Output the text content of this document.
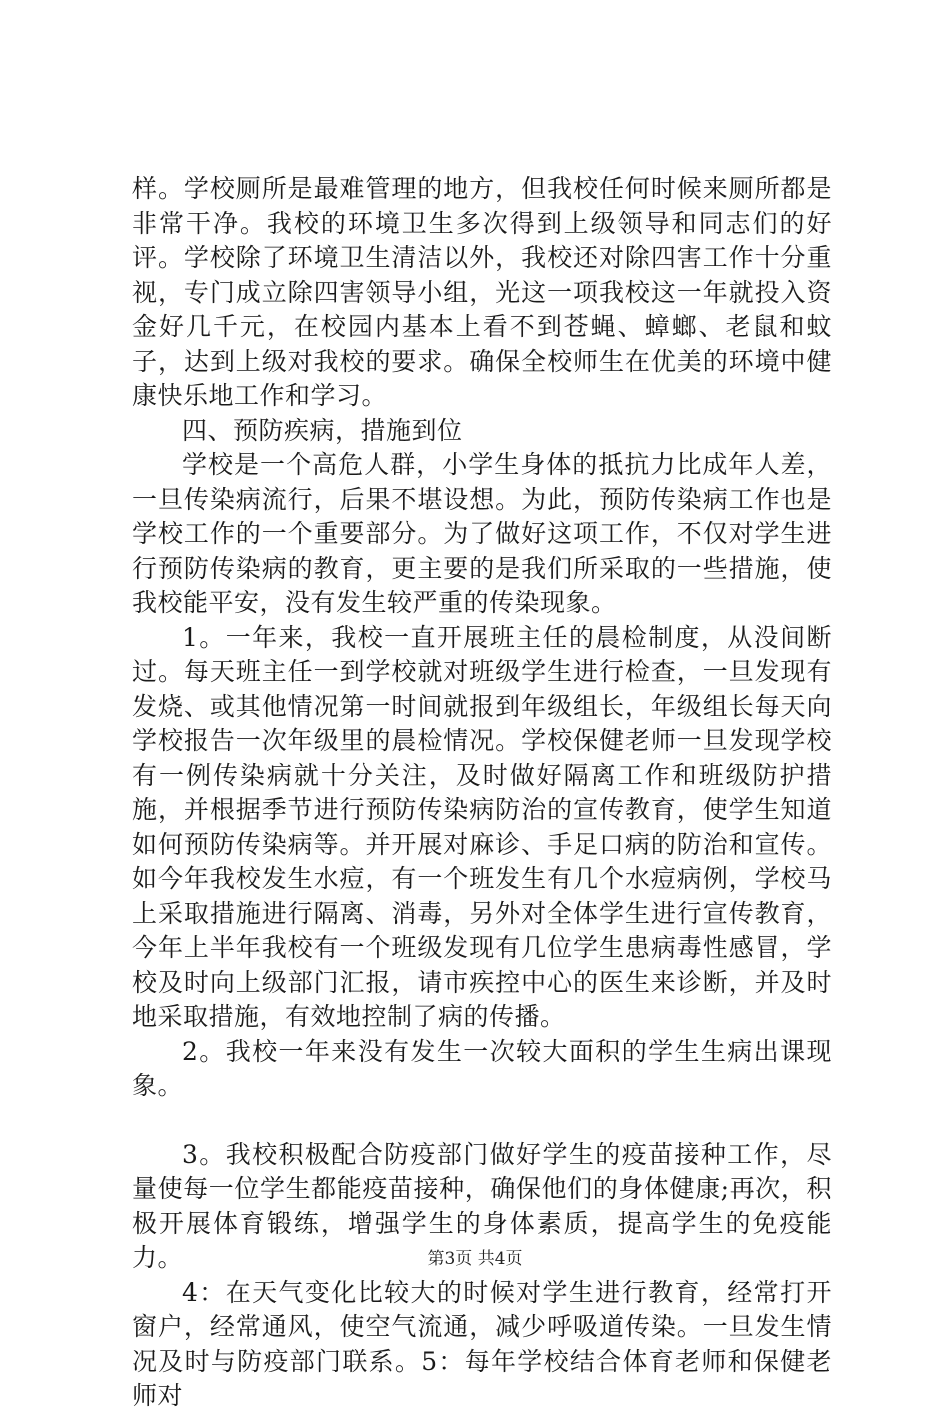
样。学校厕所是最难管理的地方，但我校任何时候来厕所都是非常干净。我校的环境卫生多次得到上级领导和同志们的好评。学校除了环境卫生清洁以外，我校还对除四害工作十分重视，专门成立除四害领导小组，光这一项我校这一年就投入资金好几千元，在校园内基本上看不到苍蝇、蟑螂、老鼠和蚊子，达到上级对我校的要求。确保全校师生在优美的环境中健康快乐地工作和学习。

四、预防疾病，措施到位

学校是一个高危人群，小学生身体的抵抗力比成年人差，一旦传染病流行，后果不堪设想。为此，预防传染病工作也是学校工作的一个重要部分。为了做好这项工作，不仅对学生进行预防传染病的教育，更主要的是我们所采取的一些措施，使我校能平安，没有发生较严重的传染现象。

1。一年来，我校一直开展班主任的晨检制度，从没间断过。每天班主任一到学校就对班级学生进行检查，一旦发现有发烧、或其他情况第一时间就报到年级组长，年级组长每天向学校报告一次年级里的晨检情况。学校保健老师一旦发现学校有一例传染病就十分关注，及时做好隔离工作和班级防护措施，并根据季节进行预防传染病防治的宣传教育，使学生知道如何预防传染病等。并开展对麻诊、手足口病的防治和宣传。如今年我校发生水痘，有一个班发生有几个水痘病例，学校马上采取措施进行隔离、消毒，另外对全体学生进行宣传教育，今年上半年我校有一个班级发现有几位学生患病毒性感冒，学校及时向上级部门汇报，请市疾控中心的医生来诊断，并及时地采取措施，有效地控制了病的传播。

2。我校一年来没有发生一次较大面积的学生生病出课现象。

3。我校积极配合防疫部门做好学生的疫苗接种工作，尽量使每一位学生都能疫苗接种，确保他们的身体健康;再次，积极开展体育锻练，增强学生的身体素质，提高学生的免疫能力。

4：在天气变化比较大的时候对学生进行教育，经常打开窗户，经常通风，使空气流通，减少呼吸道传染。一旦发生情况及时与防疫部门联系。5：每年学校结合体育老师和保健老师对

第3页 共4页
